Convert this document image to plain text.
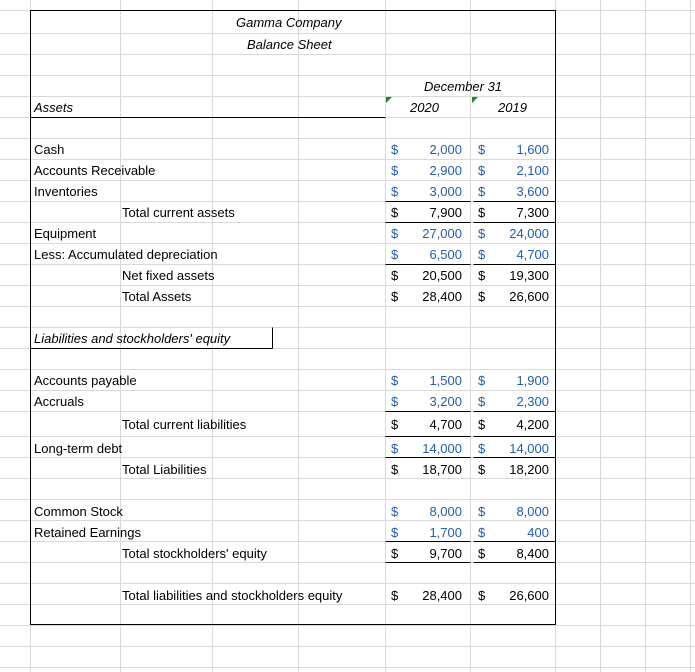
Gamma Company
Balance Sheet
December 31
2020	2019
Assets
Cash	$ 2,000 $ 1,600
Accounts Receivable	$ 2,900 $ 2,100
Inventories	$ 3,000 $ 3,600
Total current assets	$ 7,900 $ 7,300
Equipment	$ 27,000 $ 24,000
Less: Accumulated depreciation	$ 6,500 $ 4,700
Net fixed assets	$ 20,500 $ 19,300
Total Assets	$ 28,400 $ 26,600
Liabilities and stockholders' equity
Accounts payable	$ 1,500 $ 1,900
Accruals	$ 3,200 $ 2,300
Total current liabilities	$ 4,700 $ 4,200
Long-term debt	$ 14,000 $ 14,000
Total Liabilities	$ 18,700 $ 18,200
Common Stock	$ 8,000 $ 8,000
Retained Earnings	$ 1,700 $	400
Total stockholders' equity	$ 9,700 $ 8,400
Total liabilities and stockholders equity	$ 28,400 $ 26,600
